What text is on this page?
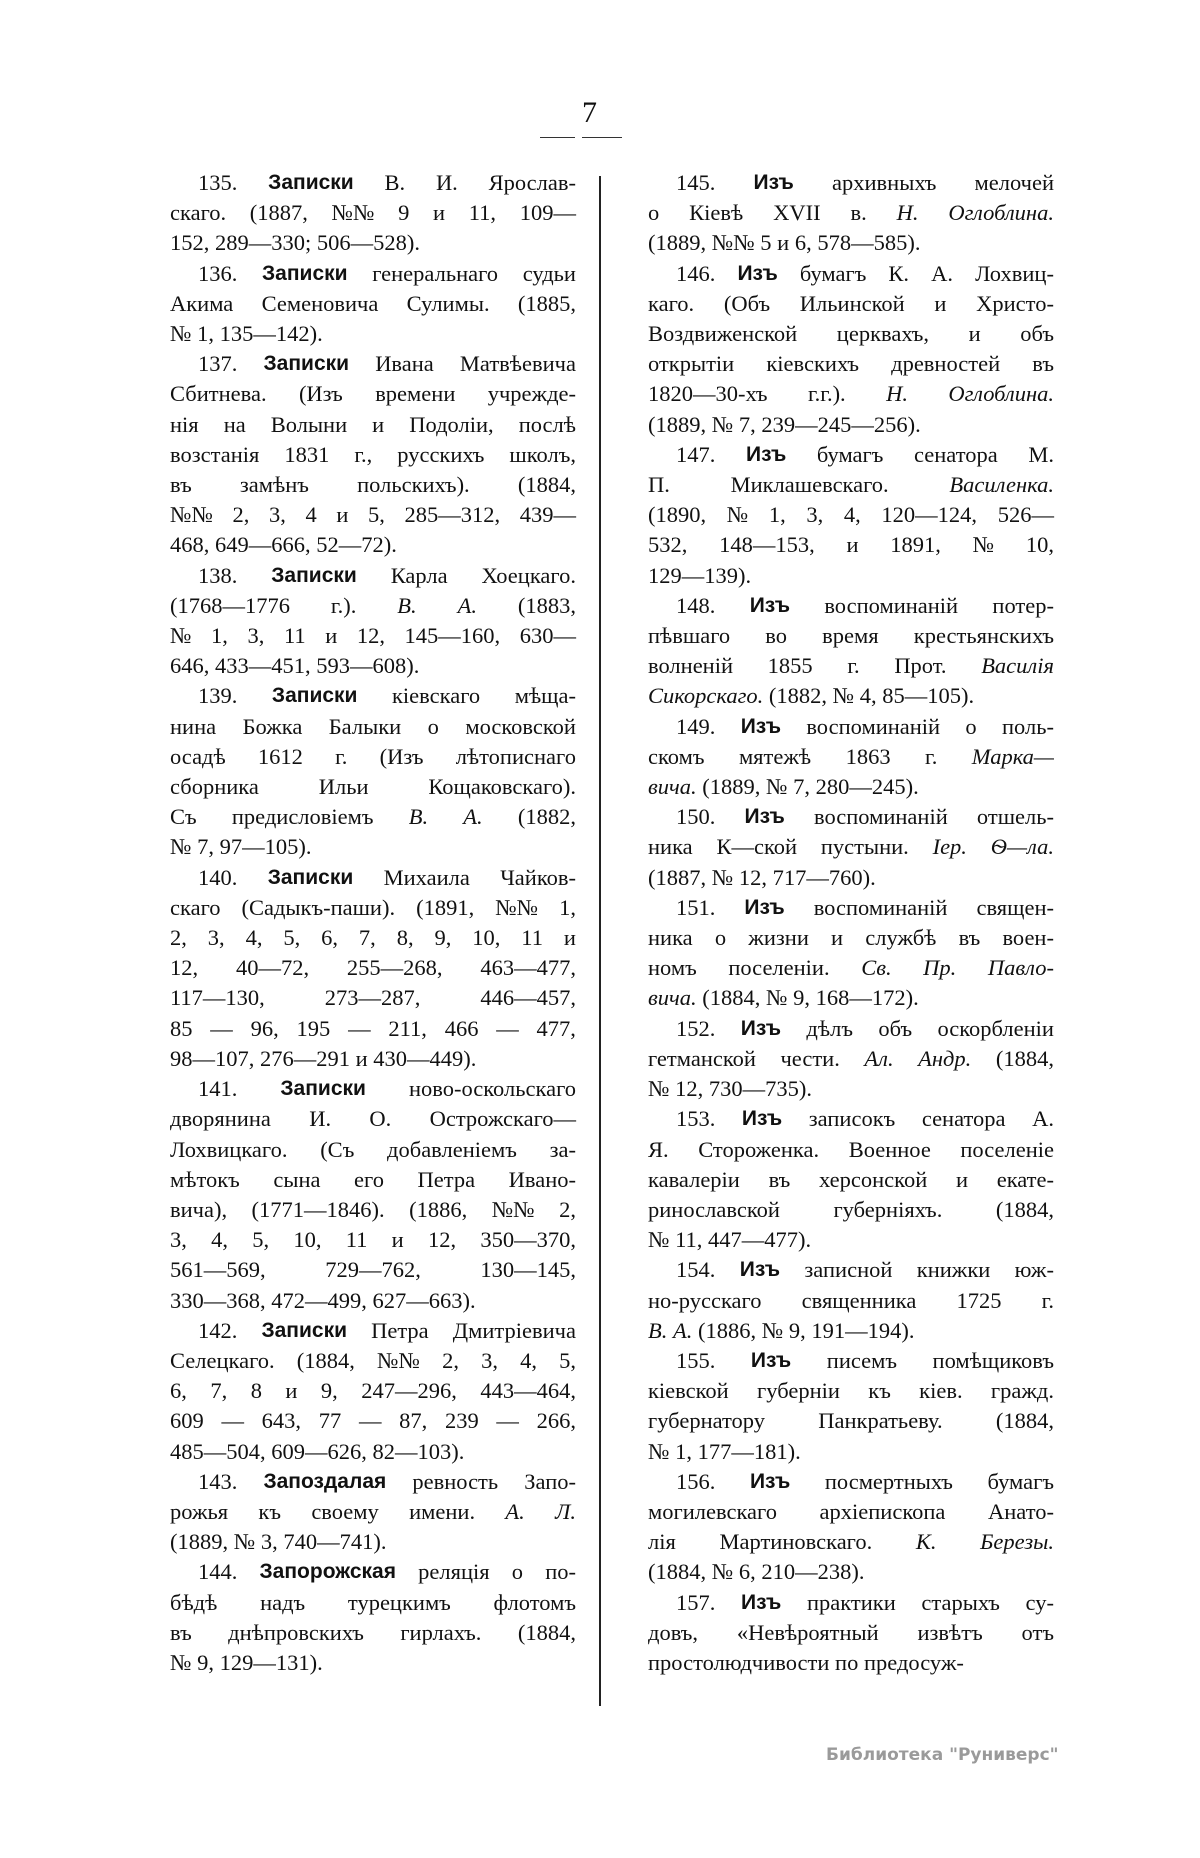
7
135. Записки В. И. Ярослав-
скаго. (1887, №№ 9 и 11, 109—
152, 289—330; 506—528).
136. Записки генеральнаго судьи
Акима Семеновича Сулимы. (1885,
№ 1, 135—142).
137. Записки Ивана Матвѣевича
Сбитнева. (Изъ времени учрежде-
нія на Волыни и Подоліи, послѣ
возстанія 1831 г., русскихъ школъ,
въ замѣнъ польскихъ). (1884,
№№ 2, 3, 4 и 5, 285—312, 439—
468, 649—666, 52—72).
138. Записки Карла Хоецкаго.
(1768—1776 г.). В. А. (1883,
№ 1, 3, 11 и 12, 145—160, 630—
646, 433—451, 593—608).
139. Записки кіевскаго мѣща-
нина Божка Балыки о московской
осадѣ 1612 г. (Изъ лѣтописнаго
сборника	Ильи	Кощаковскаго).
Съ предисловіемъ В. А. (1882,
№ 7, 97—105).
140. Записки Михаила Чайков-
скаго (Садыкъ-паши). (1891, №№ 1,
2, 3, 4, 5, 6, 7, 8, 9, 10, 11 и
12, 40—72, 255—268, 463—477,
117—130,	273—287,	446—457,
85 — 96, 195 — 211, 466 — 477,
98—107, 276—291 и 430—449).
141. Записки ново-оскольскаго
дворянина И. О. Острожскаго—
Лохвицкаго. (Съ добавленіемъ за-
мѣтокъ сына его Петра Ивано-
вича), (1771—1846). (1886, №№ 2,
3, 4, 5, 10, 11 и 12, 350—370,
561—569,	729—762,	130—145,
330—368, 472—499, 627—663).
142. Записки Петра Дмитріевича
Селецкаго. (1884, №№ 2, 3, 4, 5,
6, 7, 8 и 9, 247—296, 443—464,
609 — 643, 77 — 87, 239 — 266,
485—504, 609—626, 82—103).
143. Запоздалая ревность Запо-
рожья къ своему имени. А. Л.
(1889, № 3, 740—741).
144. Запорожская реляція о по-
бѣдѣ надъ турецкимъ флотомъ
въ днѣпровскихъ гирлахъ. (1884,
№ 9, 129—131).
145. Изъ архивныхъ мелочей
о Кіевѣ XVII в. Н. Оглоблина.
(1889, №№ 5 и 6, 578—585).
146. Изъ бумагъ К. А. Лохвиц-
каго. (Объ Ильинской и Христо-
Воздвиженской церквахъ, и объ
открытіи кіевскихъ древностей въ
1820—30-хъ г.г.). Н. Оглоблина.
(1889, № 7, 239—245—256).
147. Изъ бумагъ сенатора М.
П.	Миклашевскаго.	Василенка.
(1890, № 1, 3, 4, 120—124, 526—
532, 148—153, и 1891, № 10,
129—139).
148. Изъ воспоминаній потер-
пѣвшаго во время крестьянскихъ
волненій 1855 г. Прот. Василія
Сикорскаго. (1882, № 4, 85—105).
149. Изъ воспоминаній о поль-
скомъ мятежѣ 1863 г. Марка—
вича. (1889, № 7, 280—245).
150. Изъ воспоминаній отшель-
ника К—ской пустыни. Іер. Ѳ—ла.
(1887, № 12, 717—760).
151. Изъ воспоминаній священ-
ника о жизни и службѣ въ воен-
номъ поселеніи. Св. Пр. Павло-
вича. (1884, № 9, 168—172).
152. Изъ дѣлъ объ оскорбленіи
гетманской чести. Ал. Андр. (1884,
№ 12, 730—735).
153. Изъ записокъ сенатора А.
Я. Стороженка. Военное поселеніе
кавалеріи въ херсонской и екате-
ринославской губерніяхъ. (1884,
№ 11, 447—477).
154. Изъ записной книжки юж-
но-русскаго священника 1725 г.
В. А. (1886, № 9, 191—194).
155. Изъ писемъ помѣщиковъ
кіевской губерніи къ кіев. гражд.
губернатору Панкратьеву. (1884,
№ 1, 177—181).
156. Изъ посмертныхъ бумагъ
могилевскаго архіепископа Анато-
лія Мартиновскаго. К. Березы.
(1884, № 6, 210—238).
157. Изъ практики старыхъ су-
довъ, «Невѣроятный извѣтъ отъ
простолюдчивости по предосуж-
Библиотека "Руниверс"
